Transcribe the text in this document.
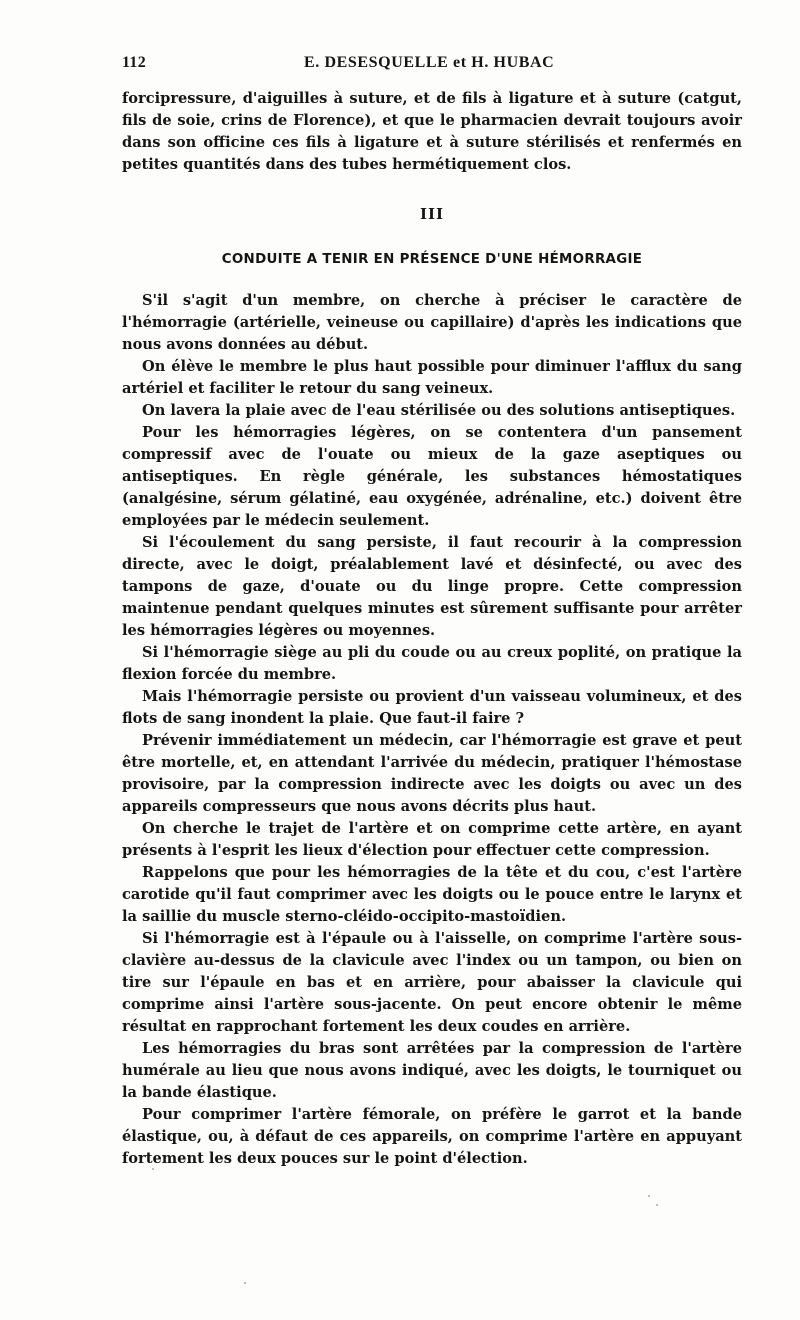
112	E. DESESQUELLE et H. HUBAC

forcipressure, d'aiguilles à suture, et de fils à ligature et à suture (catgut, fils de soie, crins de Florence), et que le pharmacien devrait toujours avoir dans son officine ces fils à ligature et à suture stérilisés et renfermés en petites quantités dans des tubes hermétiquement clos.

III
CONDUITE A TENIR EN PRÉSENCE D'UNE HÉMORRAGIE

S'il s'agit d'un membre, on cherche à préciser le caractère de l'hémorragie (artérielle, veineuse ou capillaire) d'après les indications que nous avons données au début.

On élève le membre le plus haut possible pour diminuer l'afflux du sang artériel et faciliter le retour du sang veineux.

On lavera la plaie avec de l'eau stérilisée ou des solutions antiseptiques.

Pour les hémorragies légères, on se contentera d'un pansement compressif avec de l'ouate ou mieux de la gaze aseptiques ou antiseptiques. En règle générale, les substances hémostatiques (analgésine, sérum gélatiné, eau oxygénée, adrénaline, etc.) doivent être employées par le médecin seulement.

Si l'écoulement du sang persiste, il faut recourir à la compression directe, avec le doigt, préalablement lavé et désinfecté, ou avec des tampons de gaze, d'ouate ou du linge propre. Cette compression maintenue pendant quelques minutes est sûrement suffisante pour arrêter les hémorragies légères ou moyennes.

Si l'hémorragie siège au pli du coude ou au creux poplité, on pratique la flexion forcée du membre.

Mais l'hémorragie persiste ou provient d'un vaisseau volumineux, et des flots de sang inondent la plaie. Que faut-il faire ?

Prévenir immédiatement un médecin, car l'hémorragie est grave et peut être mortelle, et, en attendant l'arrivée du médecin, pratiquer l'hémostase provisoire, par la compression indirecte avec les doigts ou avec un des appareils compresseurs que nous avons décrits plus haut.

On cherche le trajet de l'artère et on comprime cette artère, en ayant présents à l'esprit les lieux d'élection pour effectuer cette compression.

Rappelons que pour les hémorragies de la tête et du cou, c'est l'artère carotide qu'il faut comprimer avec les doigts ou le pouce entre le larynx et la saillie du muscle sterno-cléido-occipito-mastoïdien.

Si l'hémorragie est à l'épaule ou à l'aisselle, on comprime l'artère sous-clavière au-dessus de la clavicule avec l'index ou un tampon, ou bien on tire sur l'épaule en bas et en arrière, pour abaisser la clavicule qui comprime ainsi l'artère sous-jacente. On peut encore obtenir le même résultat en rapprochant fortement les deux coudes en arrière.

Les hémorragies du bras sont arrêtées par la compression de l'artère humérale au lieu que nous avons indiqué, avec les doigts, le tourniquet ou la bande élastique.

Pour comprimer l'artère fémorale, on préfère le garrot et la bande élastique, ou, à défaut de ces appareils, on comprime l'artère en appuyant fortement les deux pouces sur le point d'élection.
